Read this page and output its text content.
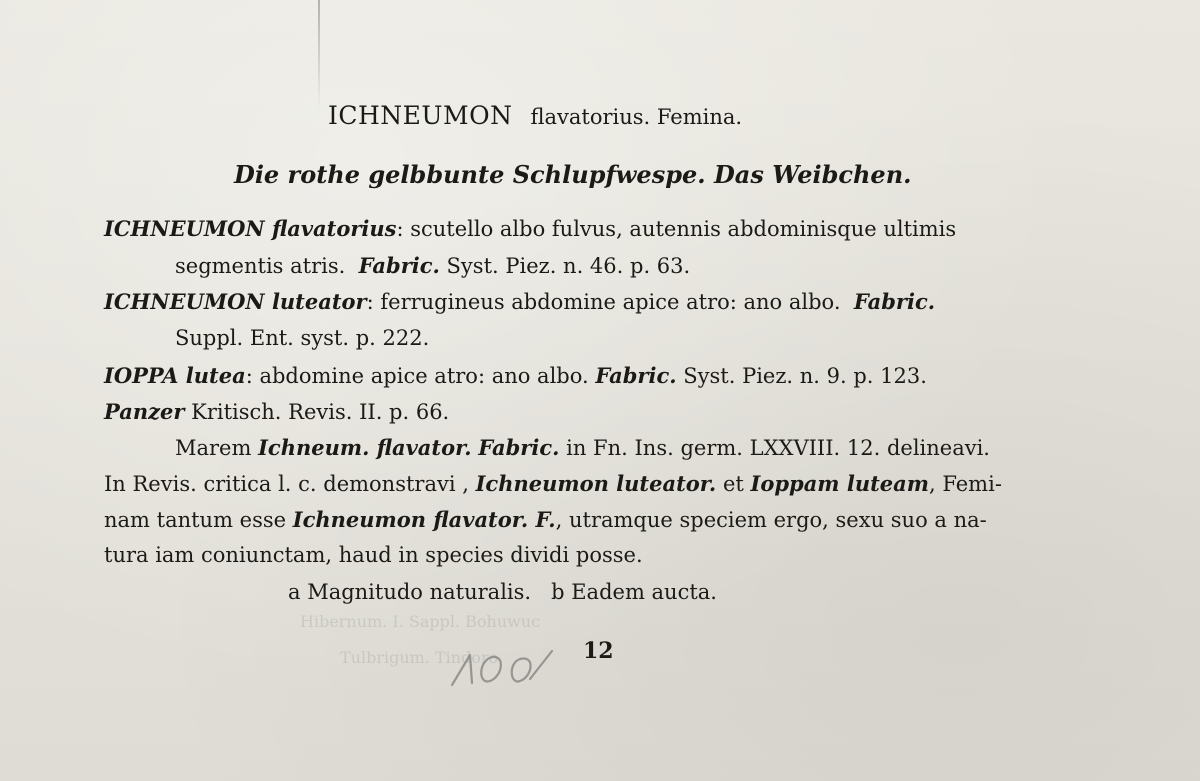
Hibernum. I. Sappl. Bohuwuc
Tulbrigum. Tindoro
ICHNEUMON flavatorius. Femina.
Die rothe gelbbunte Schlupfwespe. Das Weibchen.
ICHNEUMON flavatorius: scutello albo fulvus, autennis abdominisque ultimis
segmentis atris. Fabric. Syst. Piez. n. 46. p. 63.
ICHNEUMON luteator: ferrugineus abdomine apice atro: ano albo. Fabric.
Suppl. Ent. syst. p. 222.
IOPPA lutea: abdomine apice atro: ano albo. Fabric. Syst. Piez. n. 9. p. 123.
Panzer Kritisch. Revis. II. p. 66.
Marem Ichneum. flavator. Fabric. in Fn. Ins. germ. LXXVIII. 12. delineavi.
In Revis. critica l. c. demonstravi , Ichneumon luteator. et Ioppam luteam, Femi-
nam tantum esse Ichneumon flavator. F., utramque speciem ergo, sexu suo a na-
tura iam coniunctam, haud in species dividi posse.
a Magnitudo naturalis.   b Eadem aucta.
12
